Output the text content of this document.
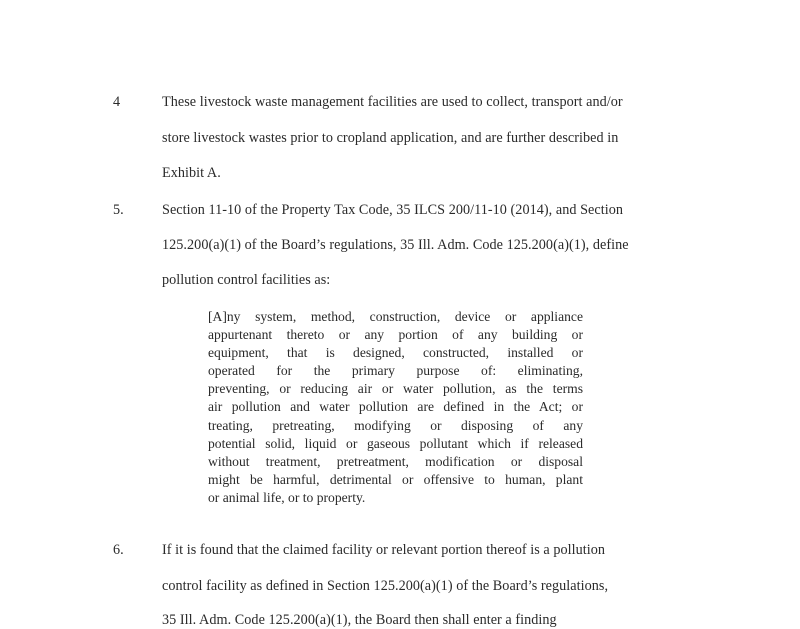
4	These livestock waste management facilities are used to collect, transport and/or
store livestock wastes prior to cropland application, and are further described in
Exhibit A.
5.	Section 11-10 of the Property Tax Code, 35 ILCS 200/11-10 (2014), and Section
125.200(a)(1) of the Board’s regulations, 35 Ill. Adm. Code 125.200(a)(1), define
pollution control facilities as:
[A]ny system, method, construction, device or appliance
appurtenant thereto or any portion of any building or
equipment, that is designed, constructed, installed or
operated for the primary purpose of: eliminating,
preventing, or reducing air or water pollution, as the terms
air pollution and water pollution are defined in the Act; or
treating, pretreating, modifying or disposing of any
potential solid, liquid or gaseous pollutant which if released
without treatment, pretreatment, modification or disposal
might be harmful, detrimental or offensive to human, plant
or animal life, or to property.
6.	If it is found that the claimed facility or relevant portion thereof is a pollution
control facility as defined in Section 125.200(a)(1) of the Board’s regulations,
35 Ill. Adm. Code 125.200(a)(1), the Board then shall enter a finding
